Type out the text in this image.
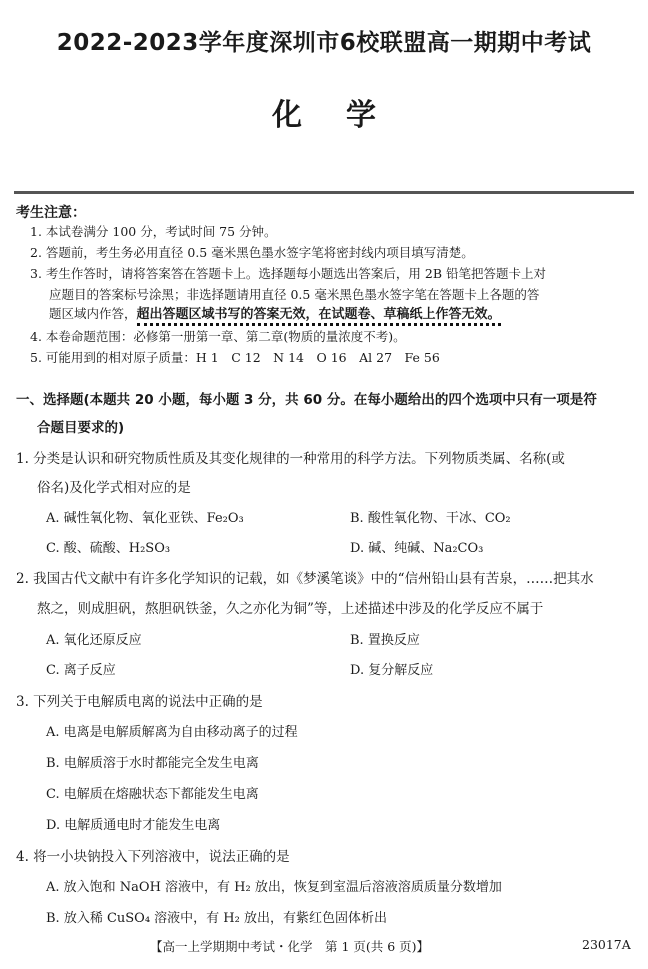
2022-2023学年度深圳市6校联盟高一期期中考试
化 学
考生注意：
1. 本试卷满分 100 分，考试时间 75 分钟。
2. 答题前，考生务必用直径 0.5 毫米黑色墨水签字笔将密封线内项目填写清楚。
3. 考生作答时，请将答案答在答题卡上。选择题每小题选出答案后，用 2B 铅笔把答题卡上对
应题目的答案标号涂黑；非选择题请用直径 0.5 毫米黑色墨水签字笔在答题卡上各题的答
题区域内作答，超出答题区域书写的答案无效，在试题卷、草稿纸上作答无效。
4. 本卷命题范围：必修第一册第一章、第二章(物质的量浓度不考)。
5. 可能用到的相对原子质量：H 1　C 12　N 14　O 16　Al 27　Fe 56
一、选择题(本题共 20 小题，每小题 3 分，共 60 分。在每小题给出的四个选项中只有一项是符
合题目要求的)
1. 分类是认识和研究物质性质及其变化规律的一种常用的科学方法。下列物质类属、名称(或
俗名)及化学式相对应的是
A. 碱性氧化物、氧化亚铁、Fe₂O₃	B. 酸性氧化物、干冰、CO₂
C. 酸、硫酸、H₂SO₃	D. 碱、纯碱、Na₂CO₃
2. 我国古代文献中有许多化学知识的记载，如《梦溪笔谈》中的“信州铅山县有苦泉，……把其水
熬之，则成胆矾，熬胆矾铁釜，久之亦化为铜”等，上述描述中涉及的化学反应不属于
A. 氧化还原反应	B. 置换反应
C. 离子反应	D. 复分解反应
3. 下列关于电解质电离的说法中正确的是
A. 电离是电解质解离为自由移动离子的过程
B. 电解质溶于水时都能完全发生电离
C. 电解质在熔融状态下都能发生电离
D. 电解质通电时才能发生电离
4. 将一小块钠投入下列溶液中，说法正确的是
A. 放入饱和 NaOH 溶液中，有 H₂ 放出，恢复到室温后溶液溶质质量分数增加
B. 放入稀 CuSO₄ 溶液中，有 H₂ 放出，有紫红色固体析出
【高一上学期期中考试・化学　第 1 页(共 6 页)】	23017A
